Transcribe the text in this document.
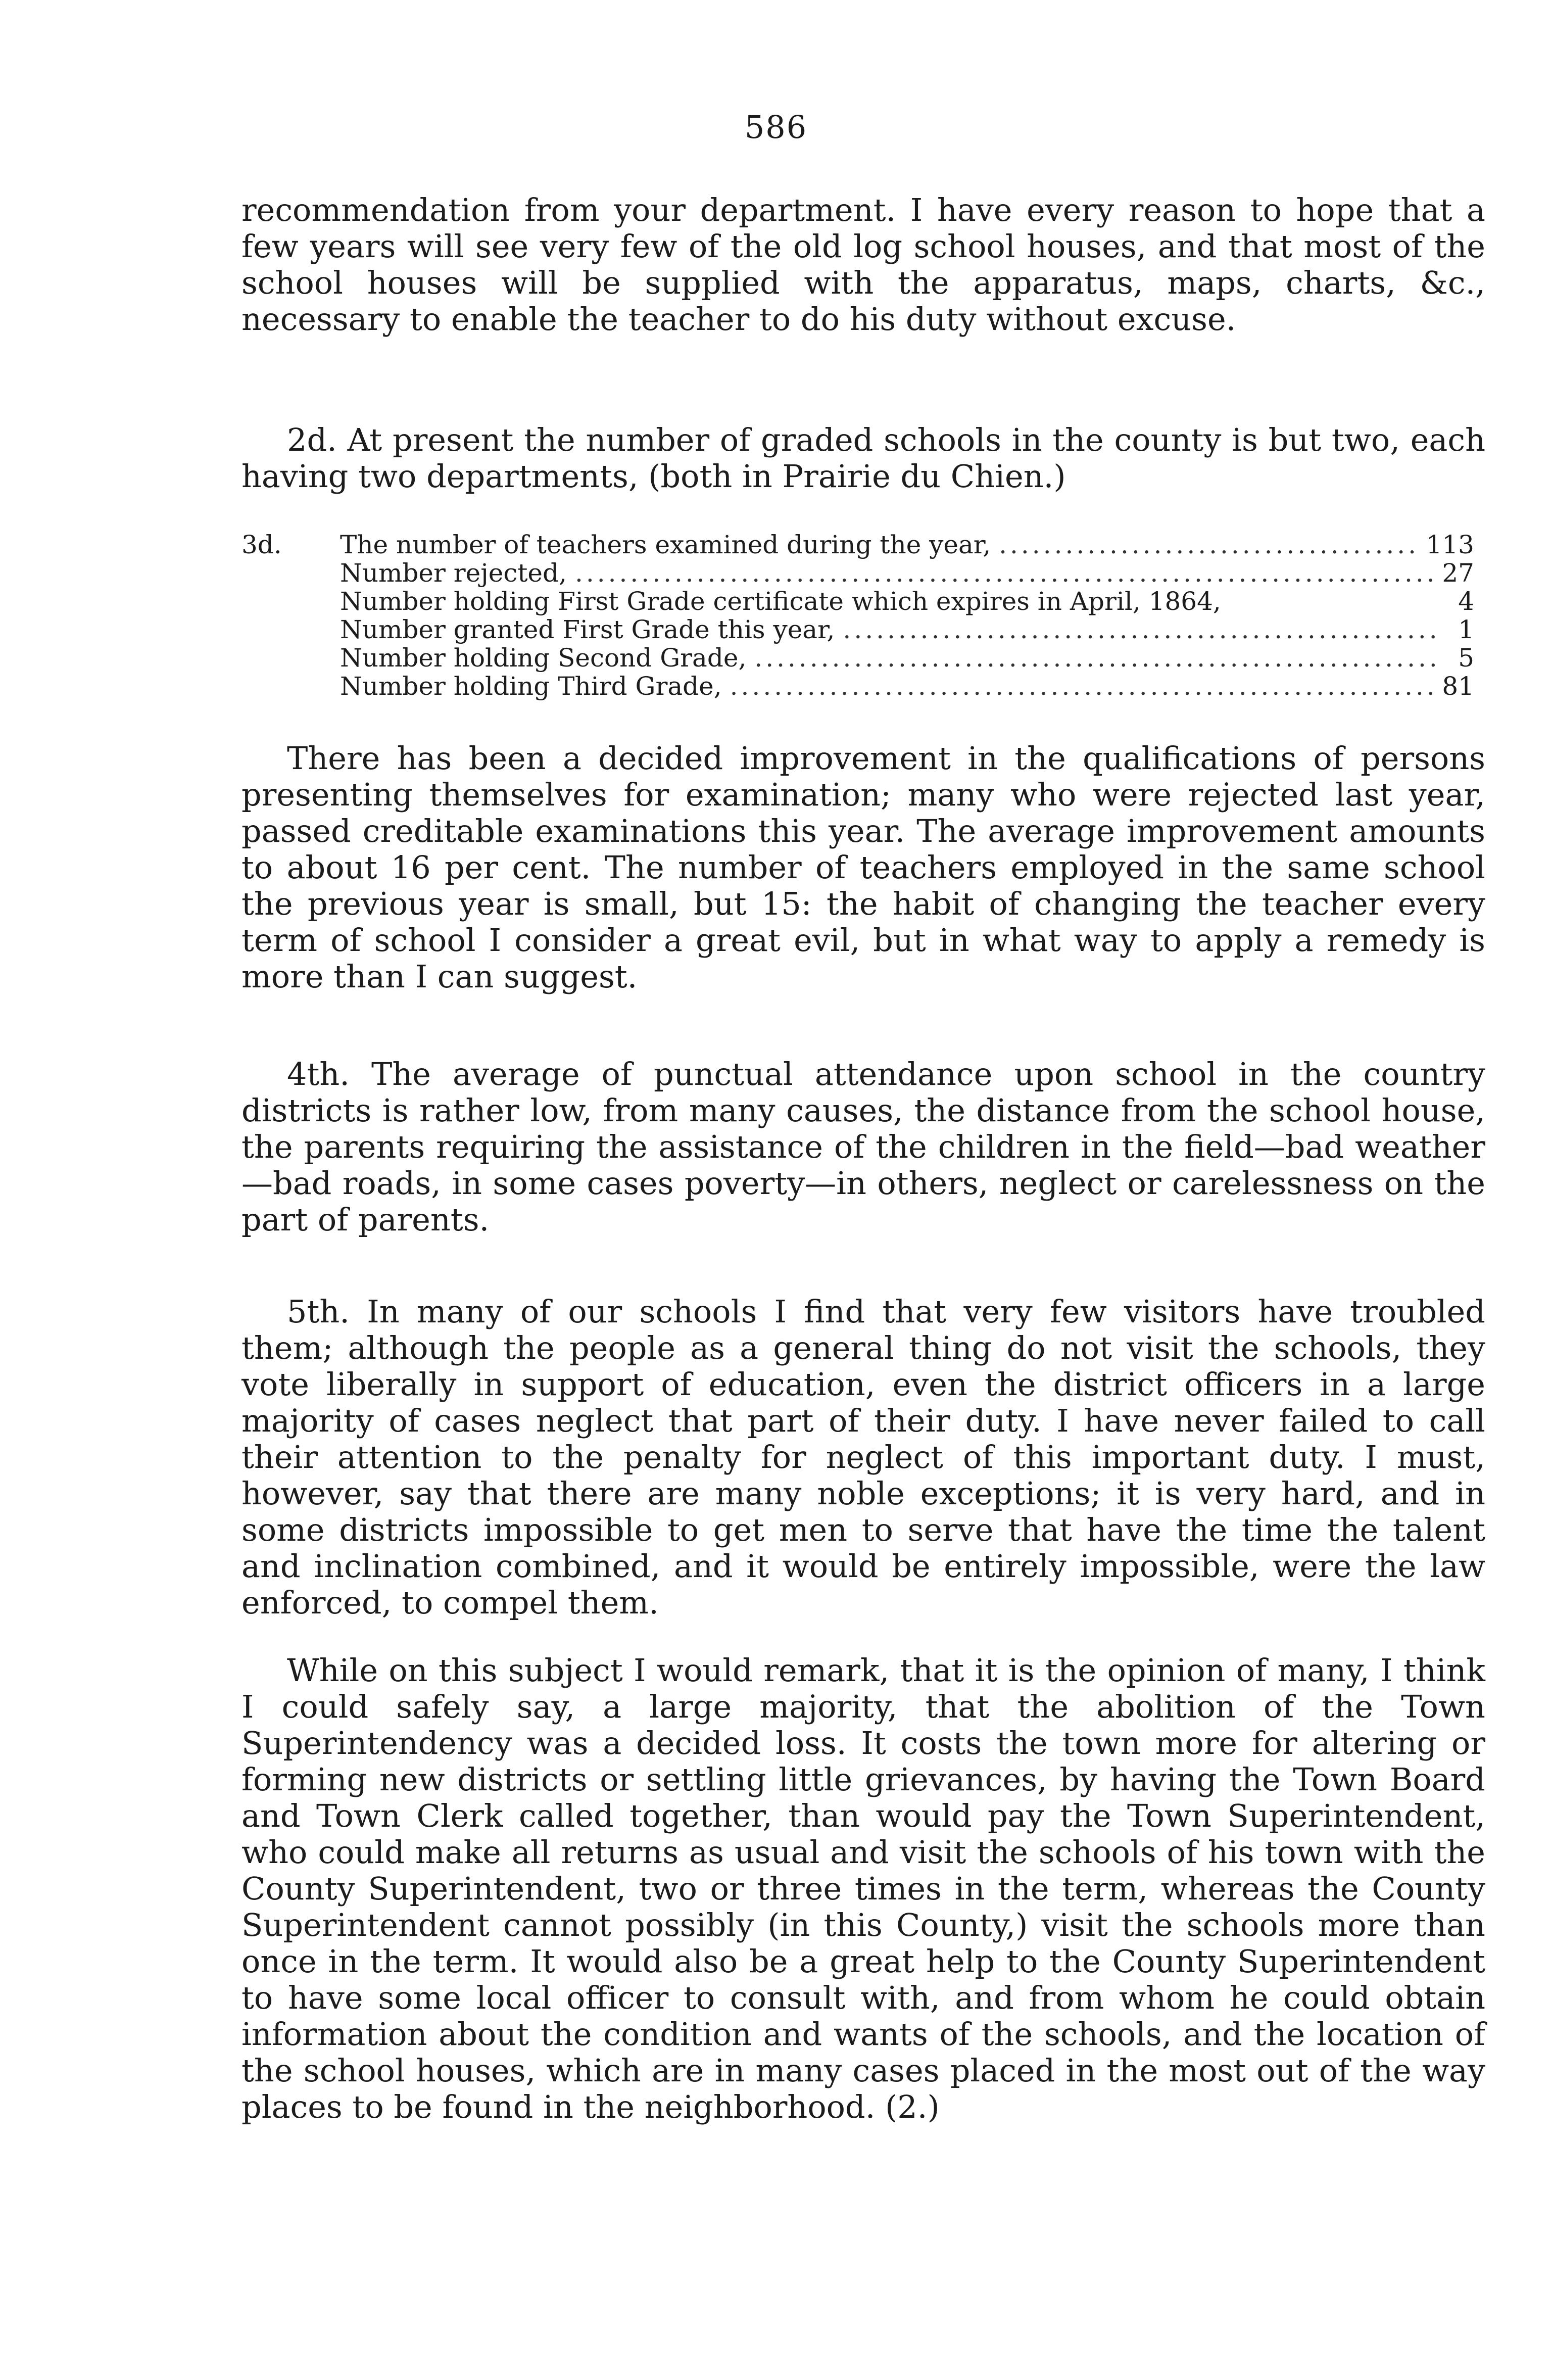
586

recommendation from your department. I have every reason to hope that a few years will see very few of the old log school houses, and that most of the school houses will be supplied with the apparatus, maps, charts, &c., necessary to enable the teacher to do his duty without excuse.

2d. At present the number of graded schools in the county is but two, each having two departments, (both in Prairie du Chien.)

3d.	The number of teachers examined during the year, .....	113
Number rejected, .....	27
Number holding First Grade certificate which expires in April, 1864,	4
Number granted First Grade this year, .....	1
Number holding Second Grade, .....	5
Number holding Third Grade, .....	81

There has been a decided improvement in the qualifications of persons presenting themselves for examination; many who were rejected last year, passed creditable examinations this year. The average improvement amounts to about 16 per cent. The number of teachers employed in the same school the previous year is small, but 15: the habit of changing the teacher every term of school I consider a great evil, but in what way to apply a remedy is more than I can suggest.

4th. The average of punctual attendance upon school in the country districts is rather low, from many causes, the distance from the school house, the parents requiring the assistance of the children in the field—bad weather—bad roads, in some cases poverty—in others, neglect or carelessness on the part of parents.

5th. In many of our schools I find that very few visitors have troubled them; although the people as a general thing do not visit the schools, they vote liberally in support of education, even the district officers in a large majority of cases neglect that part of their duty. I have never failed to call their attention to the penalty for neglect of this important duty. I must, however, say that there are many noble exceptions; it is very hard, and in some districts impossible to get men to serve that have the time the talent and inclination combined, and it would be entirely impossible, were the law enforced, to compel them.

While on this subject I would remark, that it is the opinion of many, I think I could safely say, a large majority, that the abolition of the Town Superintendency was a decided loss. It costs the town more for altering or forming new districts or settling little grievances, by having the Town Board and Town Clerk called together, than would pay the Town Superintendent, who could make all returns as usual and visit the schools of his town with the County Superintendent, two or three times in the term, whereas the County Superintendent cannot possibly (in this County,) visit the schools more than once in the term. It would also be a great help to the County Superintendent to have some local officer to consult with, and from whom he could obtain information about the condition and wants of the schools, and the location of the school houses, which are in many cases placed in the most out of the way places to be found in the neighborhood. (2.)
